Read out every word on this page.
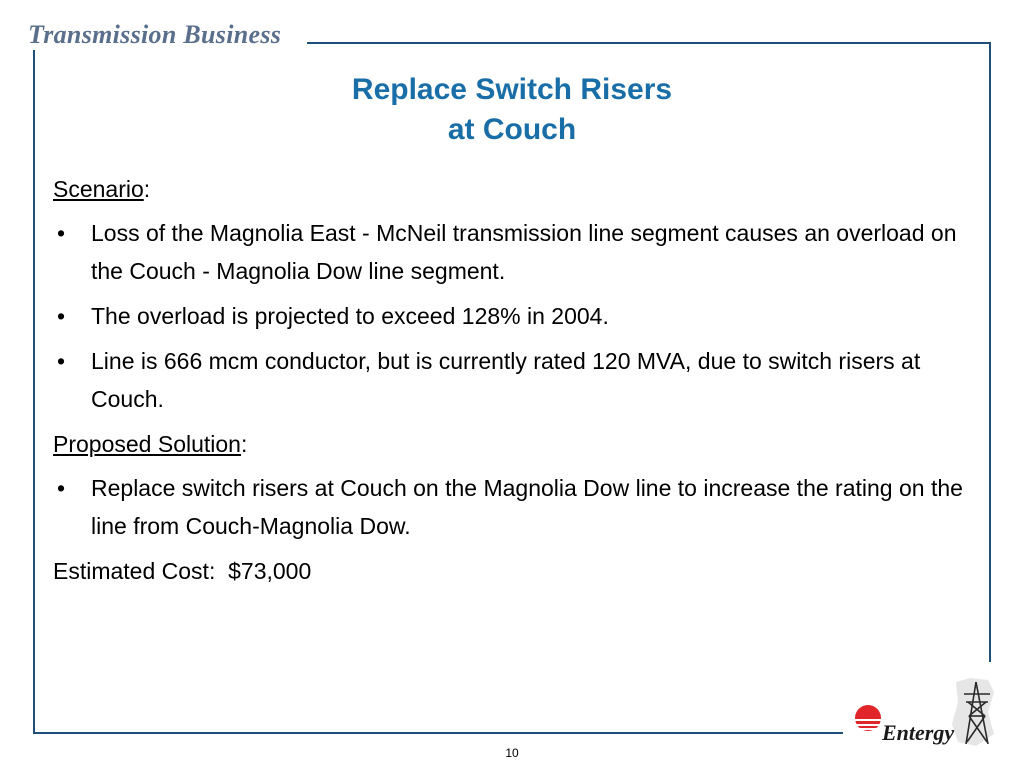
Transmission Business
Replace Switch Risers
at Couch
Scenario:
•	Loss of the Magnolia East - McNeil transmission line segment causes an overload on the Couch - Magnolia Dow line segment.
•	The overload is projected to exceed 128% in 2004.
•	Line is 666 mcm conductor, but is currently rated 120 MVA, due to switch risers at Couch.
Proposed Solution:
•	Replace switch risers at Couch on the Magnolia Dow line to increase the rating on the line from Couch-Magnolia Dow.
Estimated Cost:  $73,000
10
Entergy
